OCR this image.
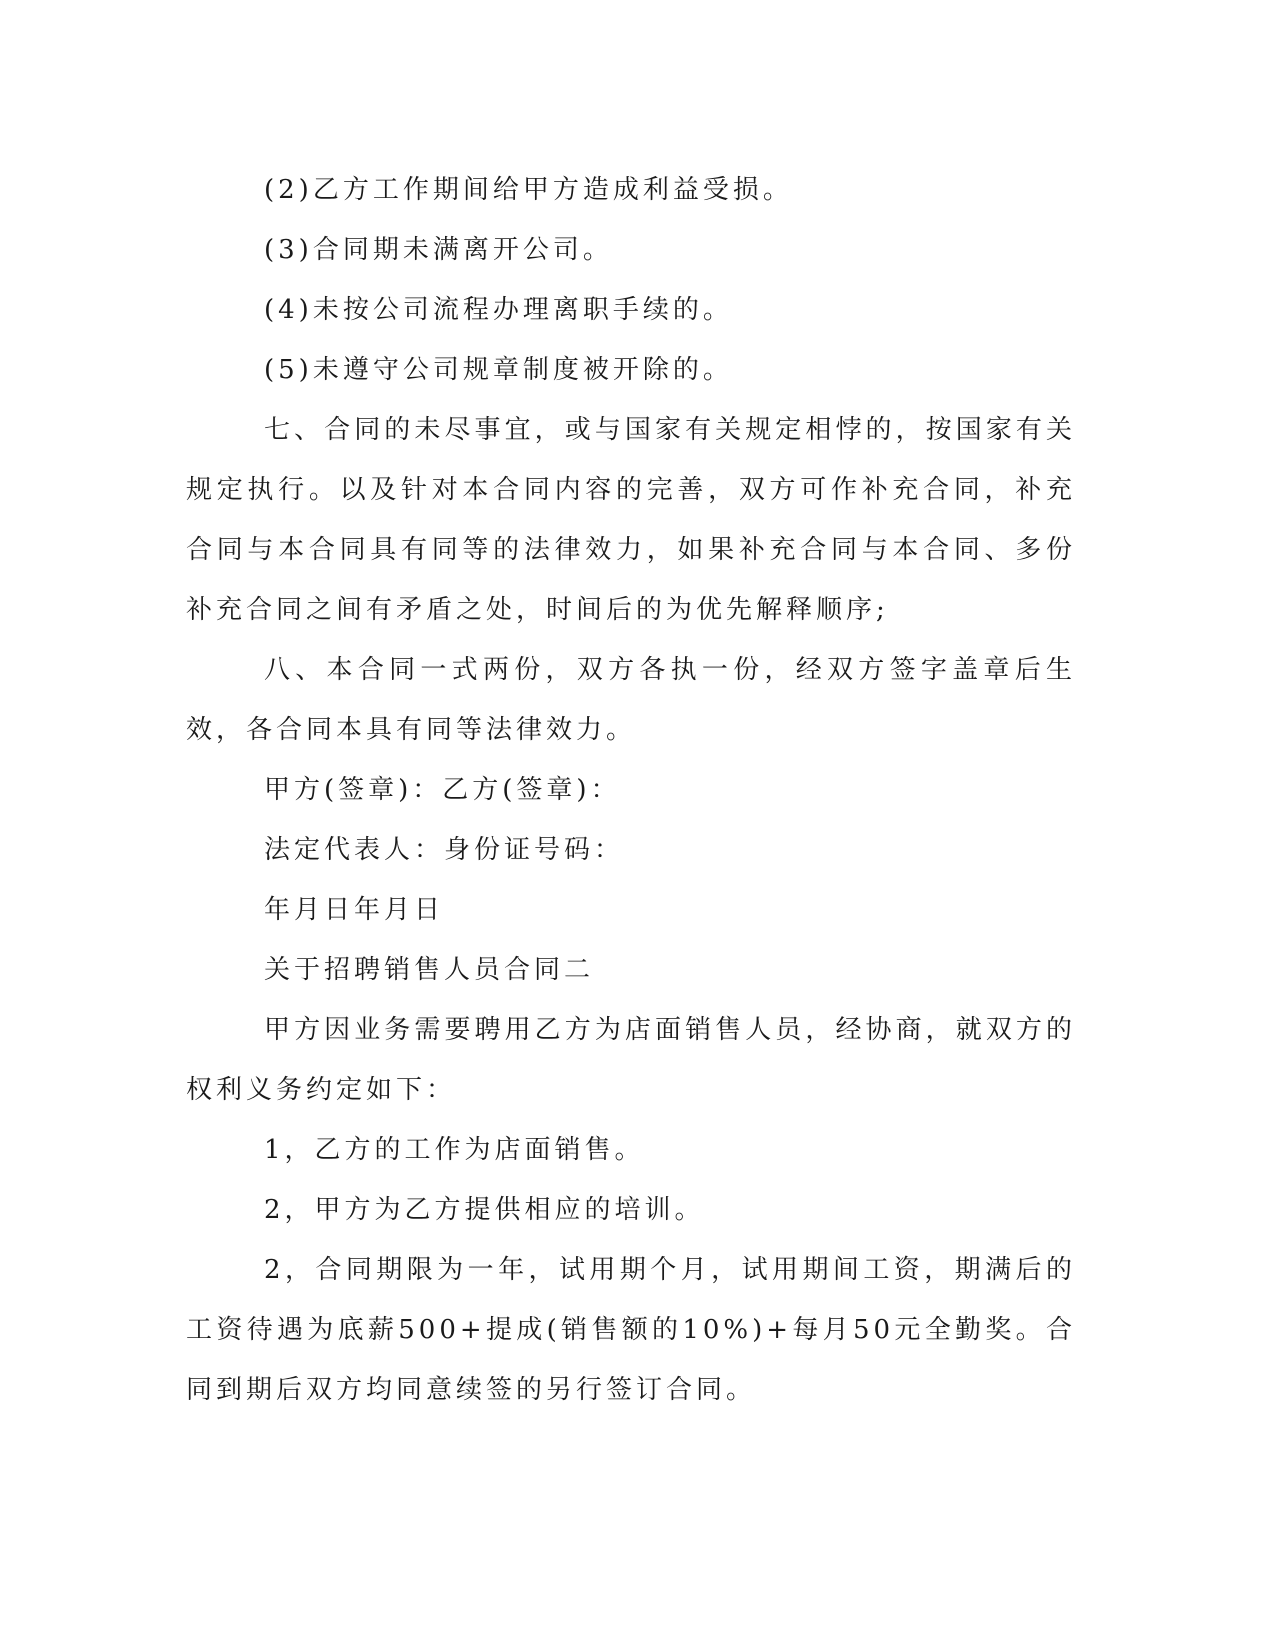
(2)乙方工作期间给甲方造成利益受损。

(3)合同期未满离开公司。

(4)未按公司流程办理离职手续的。

(5)未遵守公司规章制度被开除的。

七、合同的未尽事宜，或与国家有关规定相悖的，按国家有关规定执行。以及针对本合同内容的完善，双方可作补充合同，补充合同与本合同具有同等的法律效力，如果补充合同与本合同、多份补充合同之间有矛盾之处，时间后的为优先解释顺序;

八、本合同一式两份，双方各执一份，经双方签字盖章后生效，各合同本具有同等法律效力。

甲方(签章)：乙方(签章)：

法定代表人：身份证号码：

年月日年月日

关于招聘销售人员合同二

甲方因业务需要聘用乙方为店面销售人员，经协商，就双方的权利义务约定如下：

1，乙方的工作为店面销售。

2，甲方为乙方提供相应的培训。

2，合同期限为一年，试用期个月，试用期间工资，期满后的工资待遇为底薪500+提成(销售额的10%)+每月50元全勤奖。合同到期后双方均同意续签的另行签订合同。
